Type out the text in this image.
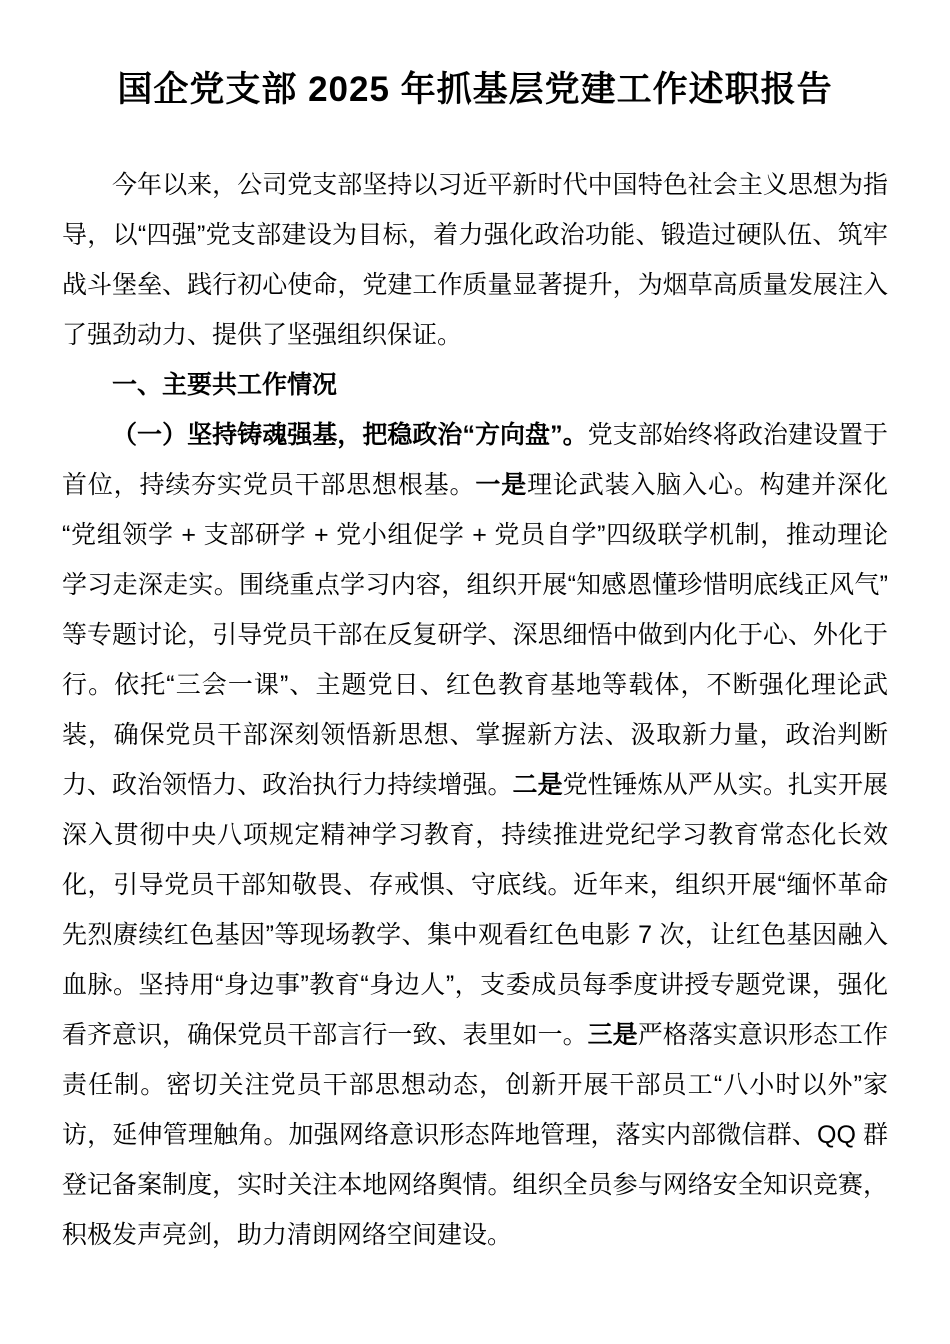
国企党支部 2025 年抓基层党建工作述职报告

今年以来，公司党支部坚持以习近平新时代中国特色社会主义思想为指导，以“四强”党支部建设为目标，着力强化政治功能、锻造过硬队伍、筑牢战斗堡垒、践行初心使命，党建工作质量显著提升，为烟草高质量发展注入了强劲动力、提供了坚强组织保证。

一、主要共工作情况

（一）坚持铸魂强基，把稳政治“方向盘”。党支部始终将政治建设置于首位，持续夯实党员干部思想根基。一是理论武装入脑入心。构建并深化“党组领学 + 支部研学 + 党小组促学 + 党员自学”四级联学机制，推动理论学习走深走实。围绕重点学习内容，组织开展“知感恩懂珍惜明底线正风气”等专题讨论，引导党员干部在反复研学、深思细悟中做到内化于心、外化于行。依托“三会一课”、主题党日、红色教育基地等载体，不断强化理论武装，确保党员干部深刻领悟新思想、掌握新方法、汲取新力量，政治判断力、政治领悟力、政治执行力持续增强。二是党性锤炼从严从实。扎实开展深入贯彻中央八项规定精神学习教育，持续推进党纪学习教育常态化长效化，引导党员干部知敬畏、存戒惧、守底线。近年来，组织开展“缅怀革命先烈赓续红色基因”等现场教学、集中观看红色电影 7 次，让红色基因融入血脉。坚持用“身边事”教育“身边人”，支委成员每季度讲授专题党课，强化看齐意识，确保党员干部言行一致、表里如一。三是严格落实意识形态工作责任制。密切关注党员干部思想动态，创新开展干部员工“八小时以外”家访，延伸管理触角。加强网络意识形态阵地管理，落实内部微信群、QQ 群登记备案制度，实时关注本地网络舆情。组织全员参与网络安全知识竞赛，积极发声亮剑，助力清朗网络空间建设。
